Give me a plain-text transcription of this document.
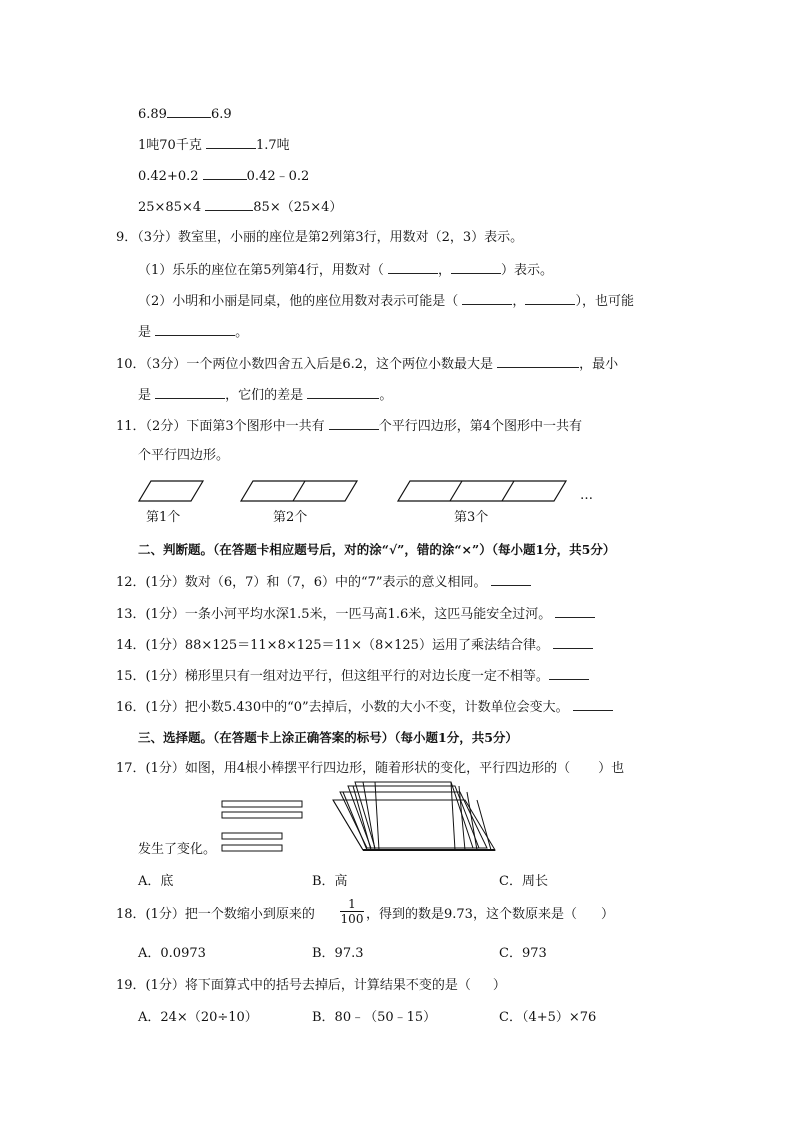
6.89	6.9
1吨70千克	1.7吨
0.42+0.2	0.42﹣0.2
25×85×4	85×（25×4）
9．（3分）教室里，小丽的座位是第2列第3行，用数对（2，3）表示。
（1）乐乐的座位在第5列第4行，用数对（	，	）表示。
（2）小明和小丽是同桌，他的座位用数对表示可能是（	，	），也可能
是	。
10．（3分）一个两位小数四舍五入后是6.2，这个两位小数最大是	，最小
是	，它们的差是	。
11．（2分）下面第3个图形中一共有	个平行四边形，第4个图形中一共有
个平行四边形。
…
第1个	第2个	第3个
二、判断题。（在答题卡相应题号后，对的涂“√”，错的涂“×”）（每小题1分，共5分）
12．(1分）数对（6，7）和（7，6）中的“7”表示的意义相同。
13．(1分）一条小河平均水深1.5米，一匹马高1.6米，这匹马能安全过河。
14．(1分）88×125＝11×8×125＝11×（8×125）运用了乘法结合律。
15．(1分）梯形里只有一组对边平行，但这组平行的对边长度一定不相等。
16．(1分）把小数5.430中的“0”去掉后，小数的大小不变，计数单位会变大。
三、选择题。（在答题卡上涂正确答案的标号）（每小题1分，共5分）
17．(1分）如图，用4根小棒摆平行四边形，随着形状的变化，平行四边形的（ ）也
发生了变化。
A．底	B．高	C．周长
18．(1分）把一个数缩小到原来的 $\frac{1}{100}$ ，得到的数是9.73，这个数原来是（ ）
A．0.0973	B．97.3	C．973
19．(1分）将下面算式中的括号去掉后，计算结果不变的是（ ）
A．24×（20÷10）	B．80﹣（50﹣15）	C．（4+5）×76
